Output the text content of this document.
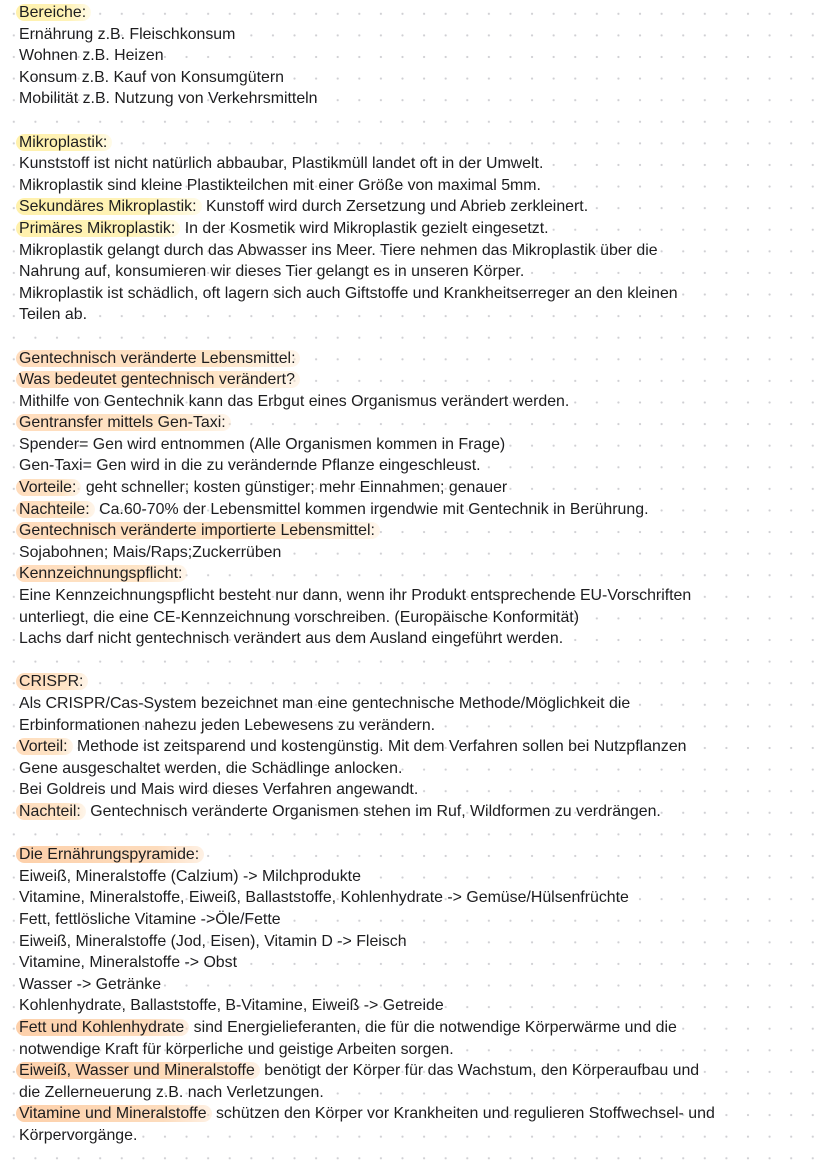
Bereiche:
Ernährung z.B. Fleischkonsum
Wohnen z.B. Heizen
Konsum z.B. Kauf von Konsumgütern
Mobilität z.B. Nutzung von Verkehrsmitteln
Mikroplastik:
Kunststoff ist nicht natürlich abbaubar, Plastikmüll landet oft in der Umwelt.
Mikroplastik sind kleine Plastikteilchen mit einer Größe von maximal 5mm.
Sekundäres Mikroplastik: Kunstoff wird durch Zersetzung und Abrieb zerkleinert.
Primäres Mikroplastik: In der Kosmetik wird Mikroplastik gezielt eingesetzt.
Mikroplastik gelangt durch das Abwasser ins Meer. Tiere nehmen das Mikroplastik über die
Nahrung auf, konsumieren wir dieses Tier gelangt es in unseren Körper.
Mikroplastik ist schädlich, oft lagern sich auch Giftstoffe und Krankheitserreger an den kleinen
Teilen ab.
Gentechnisch veränderte Lebensmittel:
Was bedeutet gentechnisch verändert?
Mithilfe von Gentechnik kann das Erbgut eines Organismus verändert werden.
Gentransfer mittels Gen-Taxi:
Spender= Gen wird entnommen (Alle Organismen kommen in Frage)
Gen-Taxi= Gen wird in die zu verändernde Pflanze eingeschleust.
Vorteile: geht schneller; kosten günstiger; mehr Einnahmen; genauer
Nachteile: Ca.60-70% der Lebensmittel kommen irgendwie mit Gentechnik in Berührung.
Gentechnisch veränderte importierte Lebensmittel:
Sojabohnen; Mais/Raps;Zuckerrüben
Kennzeichnungspflicht:
Eine Kennzeichnungspflicht besteht nur dann, wenn ihr Produkt entsprechende EU-Vorschriften
unterliegt, die eine CE-Kennzeichnung vorschreiben. (Europäische Konformität)
Lachs darf nicht gentechnisch verändert aus dem Ausland eingeführt werden.
CRISPR:
Als CRISPR/Cas-System bezeichnet man eine gentechnische Methode/Möglichkeit die
Erbinformationen nahezu jeden Lebewesens zu verändern.
Vorteil: Methode ist zeitsparend und kostengünstig. Mit dem Verfahren sollen bei Nutzpflanzen
Gene ausgeschaltet werden, die Schädlinge anlocken.
Bei Goldreis und Mais wird dieses Verfahren angewandt.
Nachteil: Gentechnisch veränderte Organismen stehen im Ruf, Wildformen zu verdrängen.
Die Ernährungspyramide:
Eiweiß, Mineralstoffe (Calzium) -> Milchprodukte
Vitamine, Mineralstoffe, Eiweiß, Ballaststoffe, Kohlenhydrate -> Gemüse/Hülsenfrüchte
Fett, fettlösliche Vitamine ->Öle/Fette
Eiweiß, Mineralstoffe (Jod, Eisen), Vitamin D -> Fleisch
Vitamine, Mineralstoffe -> Obst
Wasser -> Getränke
Kohlenhydrate, Ballaststoffe, B-Vitamine, Eiweiß -> Getreide
Fett und Kohlenhydrate sind Energielieferanten, die für die notwendige Körperwärme und die
notwendige Kraft für körperliche und geistige Arbeiten sorgen.
Eiweiß, Wasser und Mineralstoffe benötigt der Körper für das Wachstum, den Körperaufbau und
die Zellerneuerung z.B. nach Verletzungen.
Vitamine und Mineralstoffe schützen den Körper vor Krankheiten und regulieren Stoffwechsel- und
Körpervorgänge.
